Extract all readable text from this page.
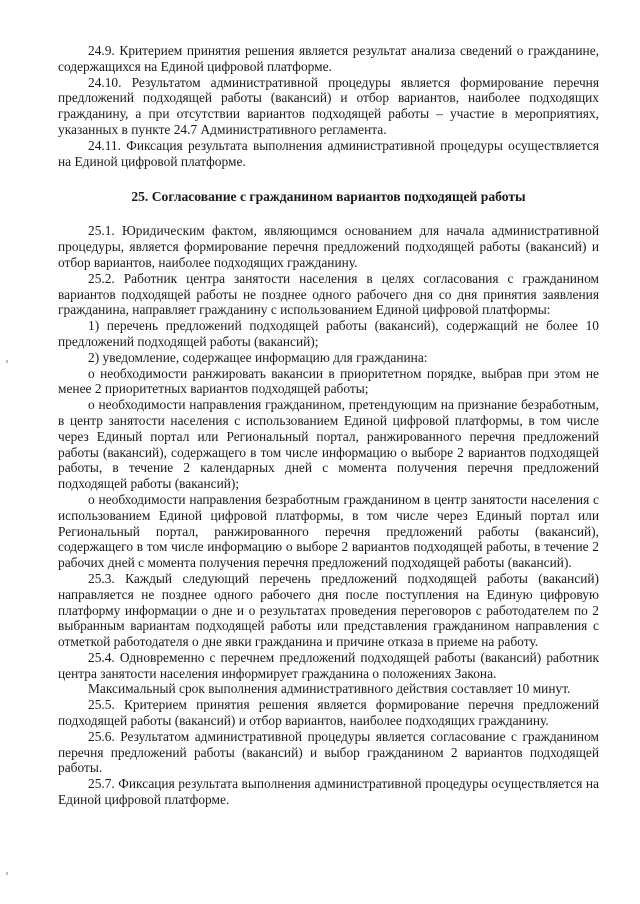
24.9. Критерием принятия решения является результат анализа сведений о гражданине, содержащихся на Единой цифровой платформе.

24.10. Результатом административной процедуры является формирование перечня предложений подходящей работы (вакансий) и отбор вариантов, наиболее подходящих гражданину, а при отсутствии вариантов подходящей работы – участие в мероприятиях, указанных в пункте 24.7 Административного регламента.

24.11. Фиксация результата выполнения административной процедуры осуществляется на Единой цифровой платформе.

25. Согласование с гражданином вариантов подходящей работы

25.1. Юридическим фактом, являющимся основанием для начала административной процедуры, является формирование перечня предложений подходящей работы (вакансий) и отбор вариантов, наиболее подходящих гражданину.

25.2. Работник центра занятости населения в целях согласования с гражданином вариантов подходящей работы не позднее одного рабочего дня со дня принятия заявления гражданина, направляет гражданину с использованием Единой цифровой платформы:

1) перечень предложений подходящей работы (вакансий), содержащий не более 10 предложений подходящей работы (вакансий);

2) уведомление, содержащее информацию для гражданина:

о необходимости ранжировать вакансии в приоритетном порядке, выбрав при этом не менее 2 приоритетных вариантов подходящей работы;

о необходимости направления гражданином, претендующим на признание безработным, в центр занятости населения с использованием Единой цифровой платформы, в том числе через Единый портал или Региональный портал, ранжированного перечня предложений работы (вакансий), содержащего в том числе информацию о выборе 2 вариантов подходящей работы, в течение 2 календарных дней с момента получения перечня предложений подходящей работы (вакансий);

о необходимости направления безработным гражданином в центр занятости населения с использованием Единой цифровой платформы, в том числе через Единый портал или Региональный портал, ранжированного перечня предложений работы (вакансий), содержащего в том числе информацию о выборе 2 вариантов подходящей работы, в течение 2 рабочих дней с момента получения перечня предложений подходящей работы (вакансий).

25.3. Каждый следующий перечень предложений подходящей работы (вакансий) направляется не позднее одного рабочего дня после поступления на Единую цифровую платформу информации о дне и о результатах проведения переговоров с работодателем по 2 выбранным вариантам подходящей работы или представления гражданином направления с отметкой работодателя о дне явки гражданина и причине отказа в приеме на работу.

25.4. Одновременно с перечнем предложений подходящей работы (вакансий) работник центра занятости населения информирует гражданина о положениях Закона.

Максимальный срок выполнения административного действия составляет 10 минут.

25.5. Критерием принятия решения является формирование перечня предложений подходящей работы (вакансий) и отбор вариантов, наиболее подходящих гражданину.

25.6. Результатом административной процедуры является согласование с гражданином перечня предложений работы (вакансий) и выбор гражданином 2 вариантов подходящей работы.

25.7. Фиксация результата выполнения административной процедуры осуществляется на Единой цифровой платформе.
